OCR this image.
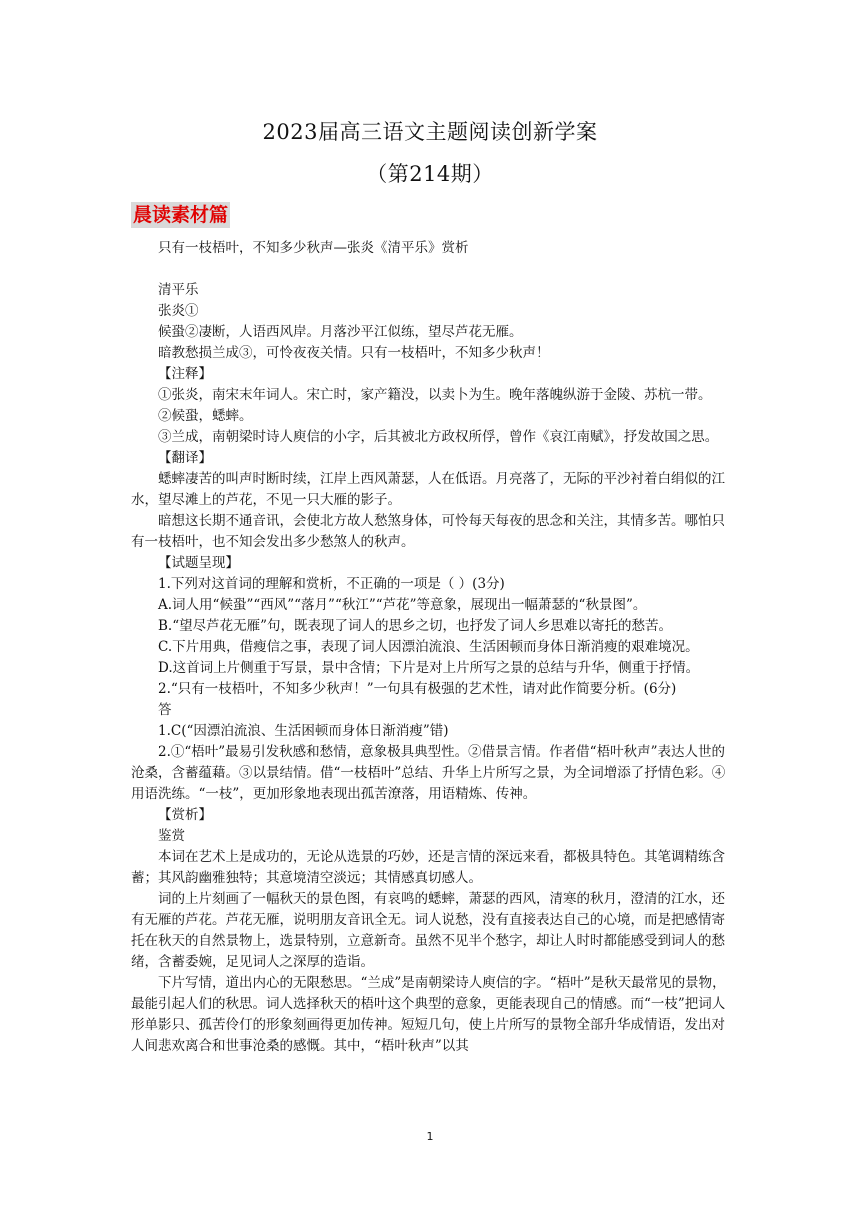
2023届高三语文主题阅读创新学案
（第214期）
晨读素材篇

只有一枝梧叶，不知多少秋声—张炎《清平乐》赏析

清平乐

张炎①

候蛩②凄断，人语西风岸。月落沙平江似练，望尽芦花无雁。

暗教愁损兰成③，可怜夜夜关情。只有一枝梧叶，不知多少秋声！

【注释】

①张炎，南宋末年词人。宋亡时，家产籍没，以卖卜为生。晚年落魄纵游于金陵、苏杭一带。

②候蛩，蟋蟀。

③兰成，南朝梁时诗人庾信的小字，后其被北方政权所俘，曾作《哀江南赋》，抒发故国之思。

【翻译】

蟋蟀凄苦的叫声时断时续，江岸上西风萧瑟，人在低语。月亮落了，无际的平沙衬着白绢似的江水，望尽滩上的芦花，不见一只大雁的影子。

暗想这长期不通音讯，会使北方故人愁煞身体，可怜每天每夜的思念和关注，其情多苦。哪怕只有一枝梧叶，也不知会发出多少愁煞人的秋声。

【试题呈现】

1.下列对这首词的理解和赏析，不正确的一项是（ ）(3分)

A.词人用“候蛩”“西风”“落月”“秋江”“芦花”等意象，展现出一幅萧瑟的“秋景图”。

B.“望尽芦花无雁”句，既表现了词人的思乡之切，也抒发了词人乡思难以寄托的愁苦。

C.下片用典，借瘦信之事，表现了词人因漂泊流浪、生活困顿而身体日渐消瘦的艰难境况。

D.这首词上片侧重于写景，景中含情；下片是对上片所写之景的总结与升华，侧重于抒情。

2.“只有一枝梧叶，不知多少秋声！”一句具有极强的艺术性，请对此作简要分析。(6分)

答

1.C(“因漂泊流浪、生活困顿而身体日渐消瘦”错)

2.①“梧叶”最易引发秋感和愁情，意象极具典型性。②借景言情。作者借“梧叶秋声”表达人世的沧桑，含蓄蕴藉。③以景结情。借“一枝梧叶”总结、升华上片所写之景，为全词增添了抒情色彩。④用语洗练。“一枝”，更加形象地表现出孤苦潦落，用语精炼、传神。

【赏析】

鉴赏

本词在艺术上是成功的，无论从选景的巧妙，还是言情的深远来看，都极具特色。其笔调精练含蓄；其风韵幽雅独特；其意境清空淡远；其情感真切感人。

词的上片刻画了一幅秋天的景色图，有哀鸣的蟋蟀，萧瑟的西风，清寒的秋月，澄清的江水，还有无雁的芦花。芦花无雁，说明朋友音讯全无。词人说愁，没有直接表达自己的心境，而是把感情寄托在秋天的自然景物上，选景特别，立意新奇。虽然不见半个愁字，却让人时时都能感受到词人的愁绪，含蓄委婉，足见词人之深厚的造诣。

下片写情，道出内心的无限愁思。“兰成”是南朝梁诗人庾信的字。“梧叶”是秋天最常见的景物，最能引起人们的秋思。词人选择秋天的梧叶这个典型的意象，更能表现自己的情感。而“一枝”把词人形单影只、孤苦伶仃的形象刻画得更加传神。短短几句，使上片所写的景物全部升华成情语，发出对人间悲欢离合和世事沧桑的感慨。其中，“梧叶秋声”以其

1
